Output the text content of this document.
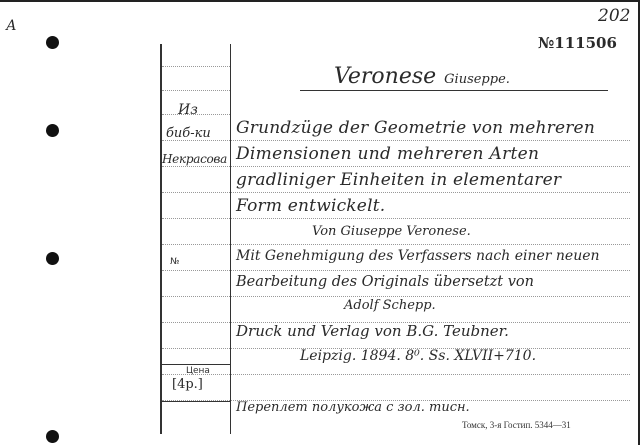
А	202
№111506
Veronese Giuseppe.
Из
биб-ки
Некрасова
№
Цена
[4р.]
Grundzüge der Geometrie von mehreren
Dimensionen und mehreren Arten
gradliniger Einheiten in elementarer
Form entwickelt.
Von Giuseppe Veronese.
Mit Genehmigung des Verfassers nach einer neuen
Bearbeitung des Originals übersetzt von
Adolf Schepp.
Druck und Verlag von B.G. Teubner.
Leipzig. 1894. 8⁰. Ss. XLVII+710.
Переплет полукожа с зол. тисн.
Томск, 3-я Гостип. 5344—31
